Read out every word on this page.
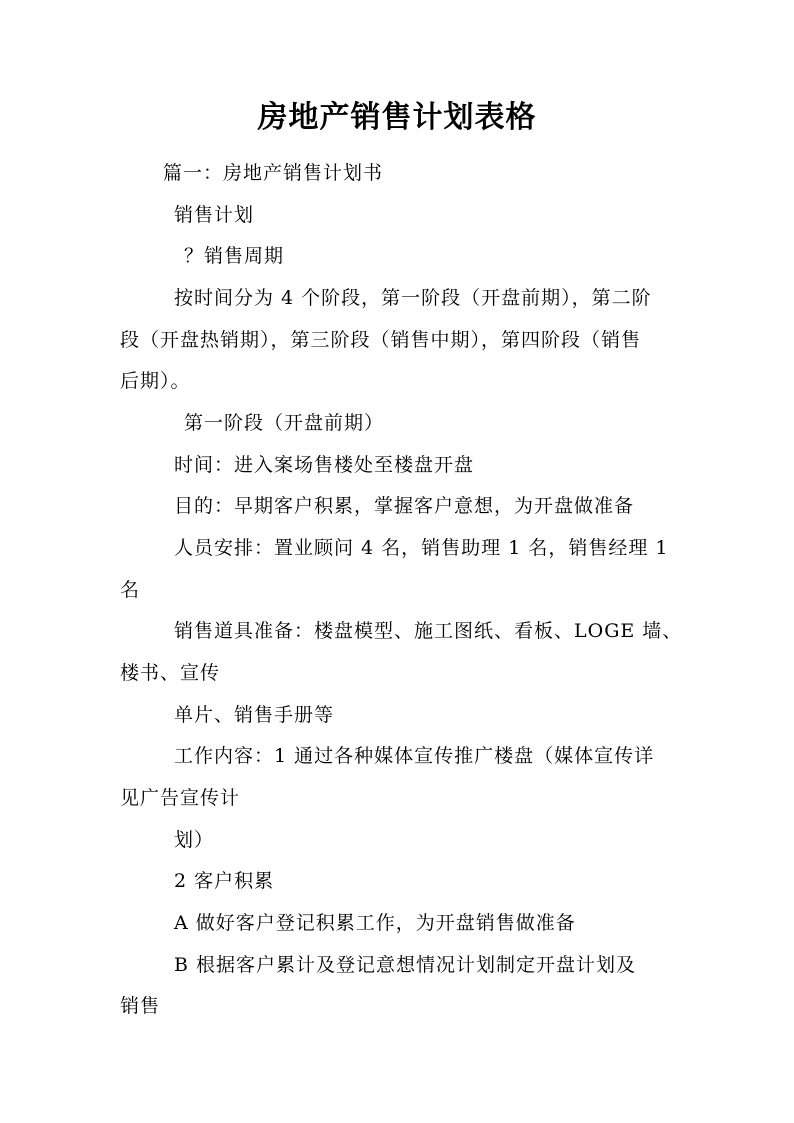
房地产销售计划表格
篇一：房地产销售计划书
销售计划
？销售周期
按时间分为 4 个阶段，第一阶段（开盘前期），第二阶
段（开盘热销期），第三阶段（销售中期），第四阶段（销售
后期）。
第一阶段（开盘前期）
时间：进入案场售楼处至楼盘开盘
目的：早期客户积累，掌握客户意想，为开盘做准备
人员安排：置业顾问 4 名，销售助理 1 名，销售经理 1
名
销售道具准备：楼盘模型、施工图纸、看板、LOGE 墙、
楼书、宣传
单片、销售手册等
工作内容：1 通过各种媒体宣传推广楼盘（媒体宣传详
见广告宣传计
划）
2 客户积累
A 做好客户登记积累工作，为开盘销售做准备
B 根据客户累计及登记意想情况计划制定开盘计划及
销售
